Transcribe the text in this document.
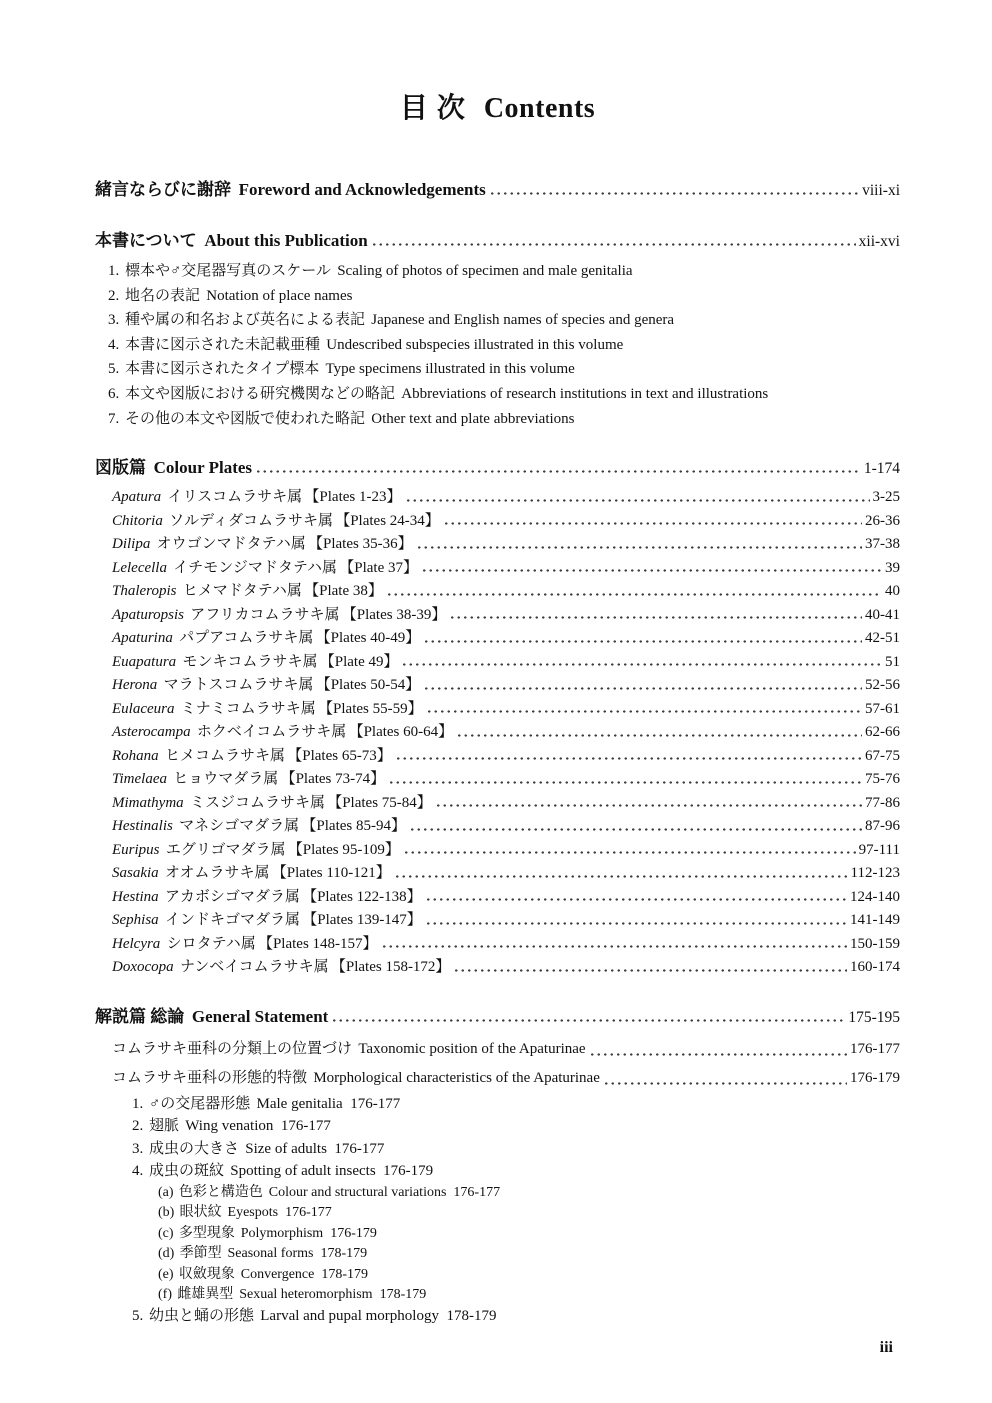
目 次 Contents
緒言ならびに謝辞 Foreword and Acknowledgements	viii-xi
本書について About this Publication	xii-xvi
1. 標本や♂交尾器写真のスケール Scaling of photos of specimen and male genitalia
2. 地名の表記 Notation of place names
3. 種や属の和名および英名による表記 Japanese and English names of species and genera
4. 本書に図示された未記載亜種 Undescribed subspecies illustrated in this volume
5. 本書に図示されたタイプ標本 Type specimens illustrated in this volume
6. 本文や図版における研究機関などの略記 Abbreviations of research institutions in text and illustrations
7. その他の本文や図版で使われた略記 Other text and plate abbreviations
図版篇 Colour Plates	1-174
Apatura イリスコムラサキ属 【Plates 1-23】	3-25
Chitoria ソルディダコムラサキ属 【Plates 24-34】	26-36
Dilipa オウゴンマドタテハ属 【Plates 35-36】	37-38
Lelecella イチモンジマドタテハ属 【Plate 37】	39
Thaleropis ヒメマドタテハ属 【Plate 38】	40
Apaturopsis アフリカコムラサキ属 【Plates 38-39】	40-41
Apaturina パプアコムラサキ属 【Plates 40-49】	42-51
Euapatura モンキコムラサキ属 【Plate 49】	51
Herona マラトスコムラサキ属 【Plates 50-54】	52-56
Eulaceura ミナミコムラサキ属 【Plates 55-59】	57-61
Asterocampa ホクベイコムラサキ属 【Plates 60-64】	62-66
Rohana ヒメコムラサキ属 【Plates 65-73】	67-75
Timelaea ヒョウマダラ属 【Plates 73-74】	75-76
Mimathyma ミスジコムラサキ属 【Plates 75-84】	77-86
Hestinalis マネシゴマダラ属 【Plates 85-94】	87-96
Euripus エグリゴマダラ属 【Plates 95-109】	97-111
Sasakia オオムラサキ属 【Plates 110-121】	112-123
Hestina アカボシゴマダラ属 【Plates 122-138】	124-140
Sephisa インドキゴマダラ属 【Plates 139-147】	141-149
Helcyra シロタテハ属 【Plates 148-157】	150-159
Doxocopa ナンベイコムラサキ属 【Plates 158-172】	160-174
解説篇 総論 General Statement	175-195
コムラサキ亜科の分類上の位置づけ Taxonomic position of the Apaturinae	176-177
コムラサキ亜科の形態的特徴 Morphological characteristics of the Apaturinae	176-179
1. ♂の交尾器形態 Male genitalia 176-177
2. 翅脈 Wing venation 176-177
3. 成虫の大きさ Size of adults 176-177
4. 成虫の斑紋 Spotting of adult insects 176-179
(a) 色彩と構造色 Colour and structural variations 176-177
(b) 眼状紋 Eyespots 176-177
(c) 多型現象 Polymorphism 176-179
(d) 季節型 Seasonal forms 178-179
(e) 収斂現象 Convergence 178-179
(f) 雌雄異型 Sexual heteromorphism 178-179
5. 幼虫と蛹の形態 Larval and pupal morphology 178-179
iii
